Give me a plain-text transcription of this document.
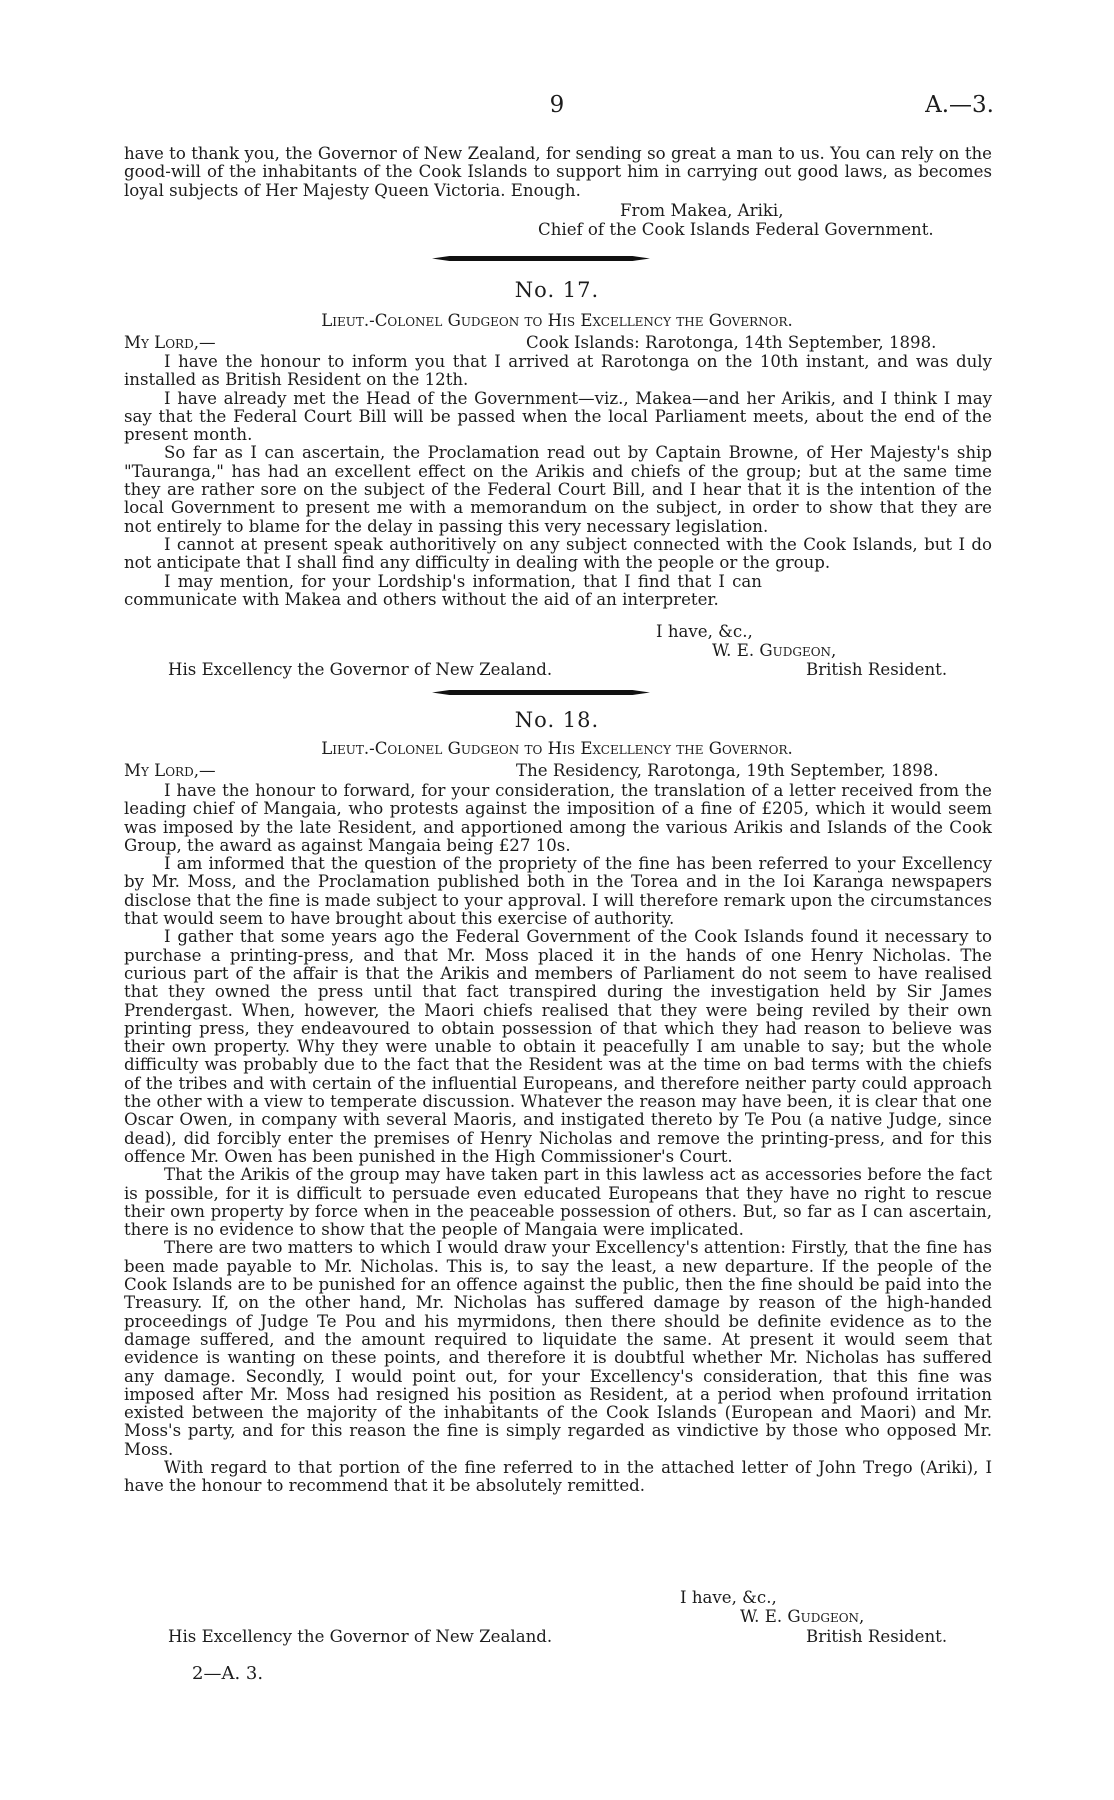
9	A.—3.

have to thank you, the Governor of New Zealand, for sending so great a man to us. You can rely on the good-will of the inhabitants of the Cook Islands to support him in carrying out good laws, as becomes loyal subjects of Her Majesty Queen Victoria. Enough.

From Makea, Ariki,
Chief of the Cook Islands Federal Government.
No. 17.
Lieut.-Colonel Gudgeon to His Excellency the Governor.
My Lord,—	Cook Islands: Rarotonga, 14th September, 1898.

I have the honour to inform you that I arrived at Rarotonga on the 10th instant, and was duly installed as British Resident on the 12th.

I have already met the Head of the Government—viz., Makea—and her Arikis, and I think I may say that the Federal Court Bill will be passed when the local Parliament meets, about the end of the present month.

So far as I can ascertain, the Proclamation read out by Captain Browne, of Her Majesty's ship "Tauranga," has had an excellent effect on the Arikis and chiefs of the group; but at the same time they are rather sore on the subject of the Federal Court Bill, and I hear that it is the intention of the local Government to present me with a memorandum on the subject, in order to show that they are not entirely to blame for the delay in passing this very necessary legislation.

I cannot at present speak authoritively on any subject connected with the Cook Islands, but I do not anticipate that I shall find any difficulty in dealing with the people or the group.

I may mention, for your Lordship's information, that I find that I can communicate with Makea and others without the aid of an interpreter.

I have, &c.,
W. E. Gudgeon,
His Excellency the Governor of New Zealand.	British Resident.
No. 18.
Lieut.-Colonel Gudgeon to His Excellency the Governor.
My Lord,—	The Residency, Rarotonga, 19th September, 1898.

I have the honour to forward, for your consideration, the translation of a letter received from the leading chief of Mangaia, who protests against the imposition of a fine of £205, which it would seem was imposed by the late Resident, and apportioned among the various Arikis and Islands of the Cook Group, the award as against Mangaia being £27 10s.

I am informed that the question of the propriety of the fine has been referred to your Excellency by Mr. Moss, and the Proclamation published both in the Torea and in the Ioi Karanga newspapers disclose that the fine is made subject to your approval. I will therefore remark upon the circumstances that would seem to have brought about this exercise of authority.

I gather that some years ago the Federal Government of the Cook Islands found it necessary to purchase a printing-press, and that Mr. Moss placed it in the hands of one Henry Nicholas. The curious part of the affair is that the Arikis and members of Parliament do not seem to have realised that they owned the press until that fact transpired during the investigation held by Sir James Prendergast. When, however, the Maori chiefs realised that they were being reviled by their own printing press, they endeavoured to obtain possession of that which they had reason to believe was their own property. Why they were unable to obtain it peacefully I am unable to say; but the whole difficulty was probably due to the fact that the Resident was at the time on bad terms with the chiefs of the tribes and with certain of the influential Europeans, and therefore neither party could approach the other with a view to temperate discussion. Whatever the reason may have been, it is clear that one Oscar Owen, in company with several Maoris, and instigated thereto by Te Pou (a native Judge, since dead), did forcibly enter the premises of Henry Nicholas and remove the printing-press, and for this offence Mr. Owen has been punished in the High Commissioner's Court.

That the Arikis of the group may have taken part in this lawless act as accessories before the fact is possible, for it is difficult to persuade even educated Europeans that they have no right to rescue their own property by force when in the peaceable possession of others. But, so far as I can ascertain, there is no evidence to show that the people of Mangaia were implicated.

There are two matters to which I would draw your Excellency's attention: Firstly, that the fine has been made payable to Mr. Nicholas. This is, to say the least, a new departure. If the people of the Cook Islands are to be punished for an offence against the public, then the fine should be paid into the Treasury. If, on the other hand, Mr. Nicholas has suffered damage by reason of the high-handed proceedings of Judge Te Pou and his myrmidons, then there should be definite evidence as to the damage suffered, and the amount required to liquidate the same. At present it would seem that evidence is wanting on these points, and therefore it is doubtful whether Mr. Nicholas has suffered any damage. Secondly, I would point out, for your Excellency's consideration, that this fine was imposed after Mr. Moss had resigned his position as Resident, at a period when profound irritation existed between the majority of the inhabitants of the Cook Islands (European and Maori) and Mr. Moss's party, and for this reason the fine is simply regarded as vindictive by those who opposed Mr. Moss.

With regard to that portion of the fine referred to in the attached letter of John Trego (Ariki), I have the honour to recommend that it be absolutely remitted.

I have, &c.,
W. E. Gudgeon,
His Excellency the Governor of New Zealand.	British Resident.
2—A. 3.
